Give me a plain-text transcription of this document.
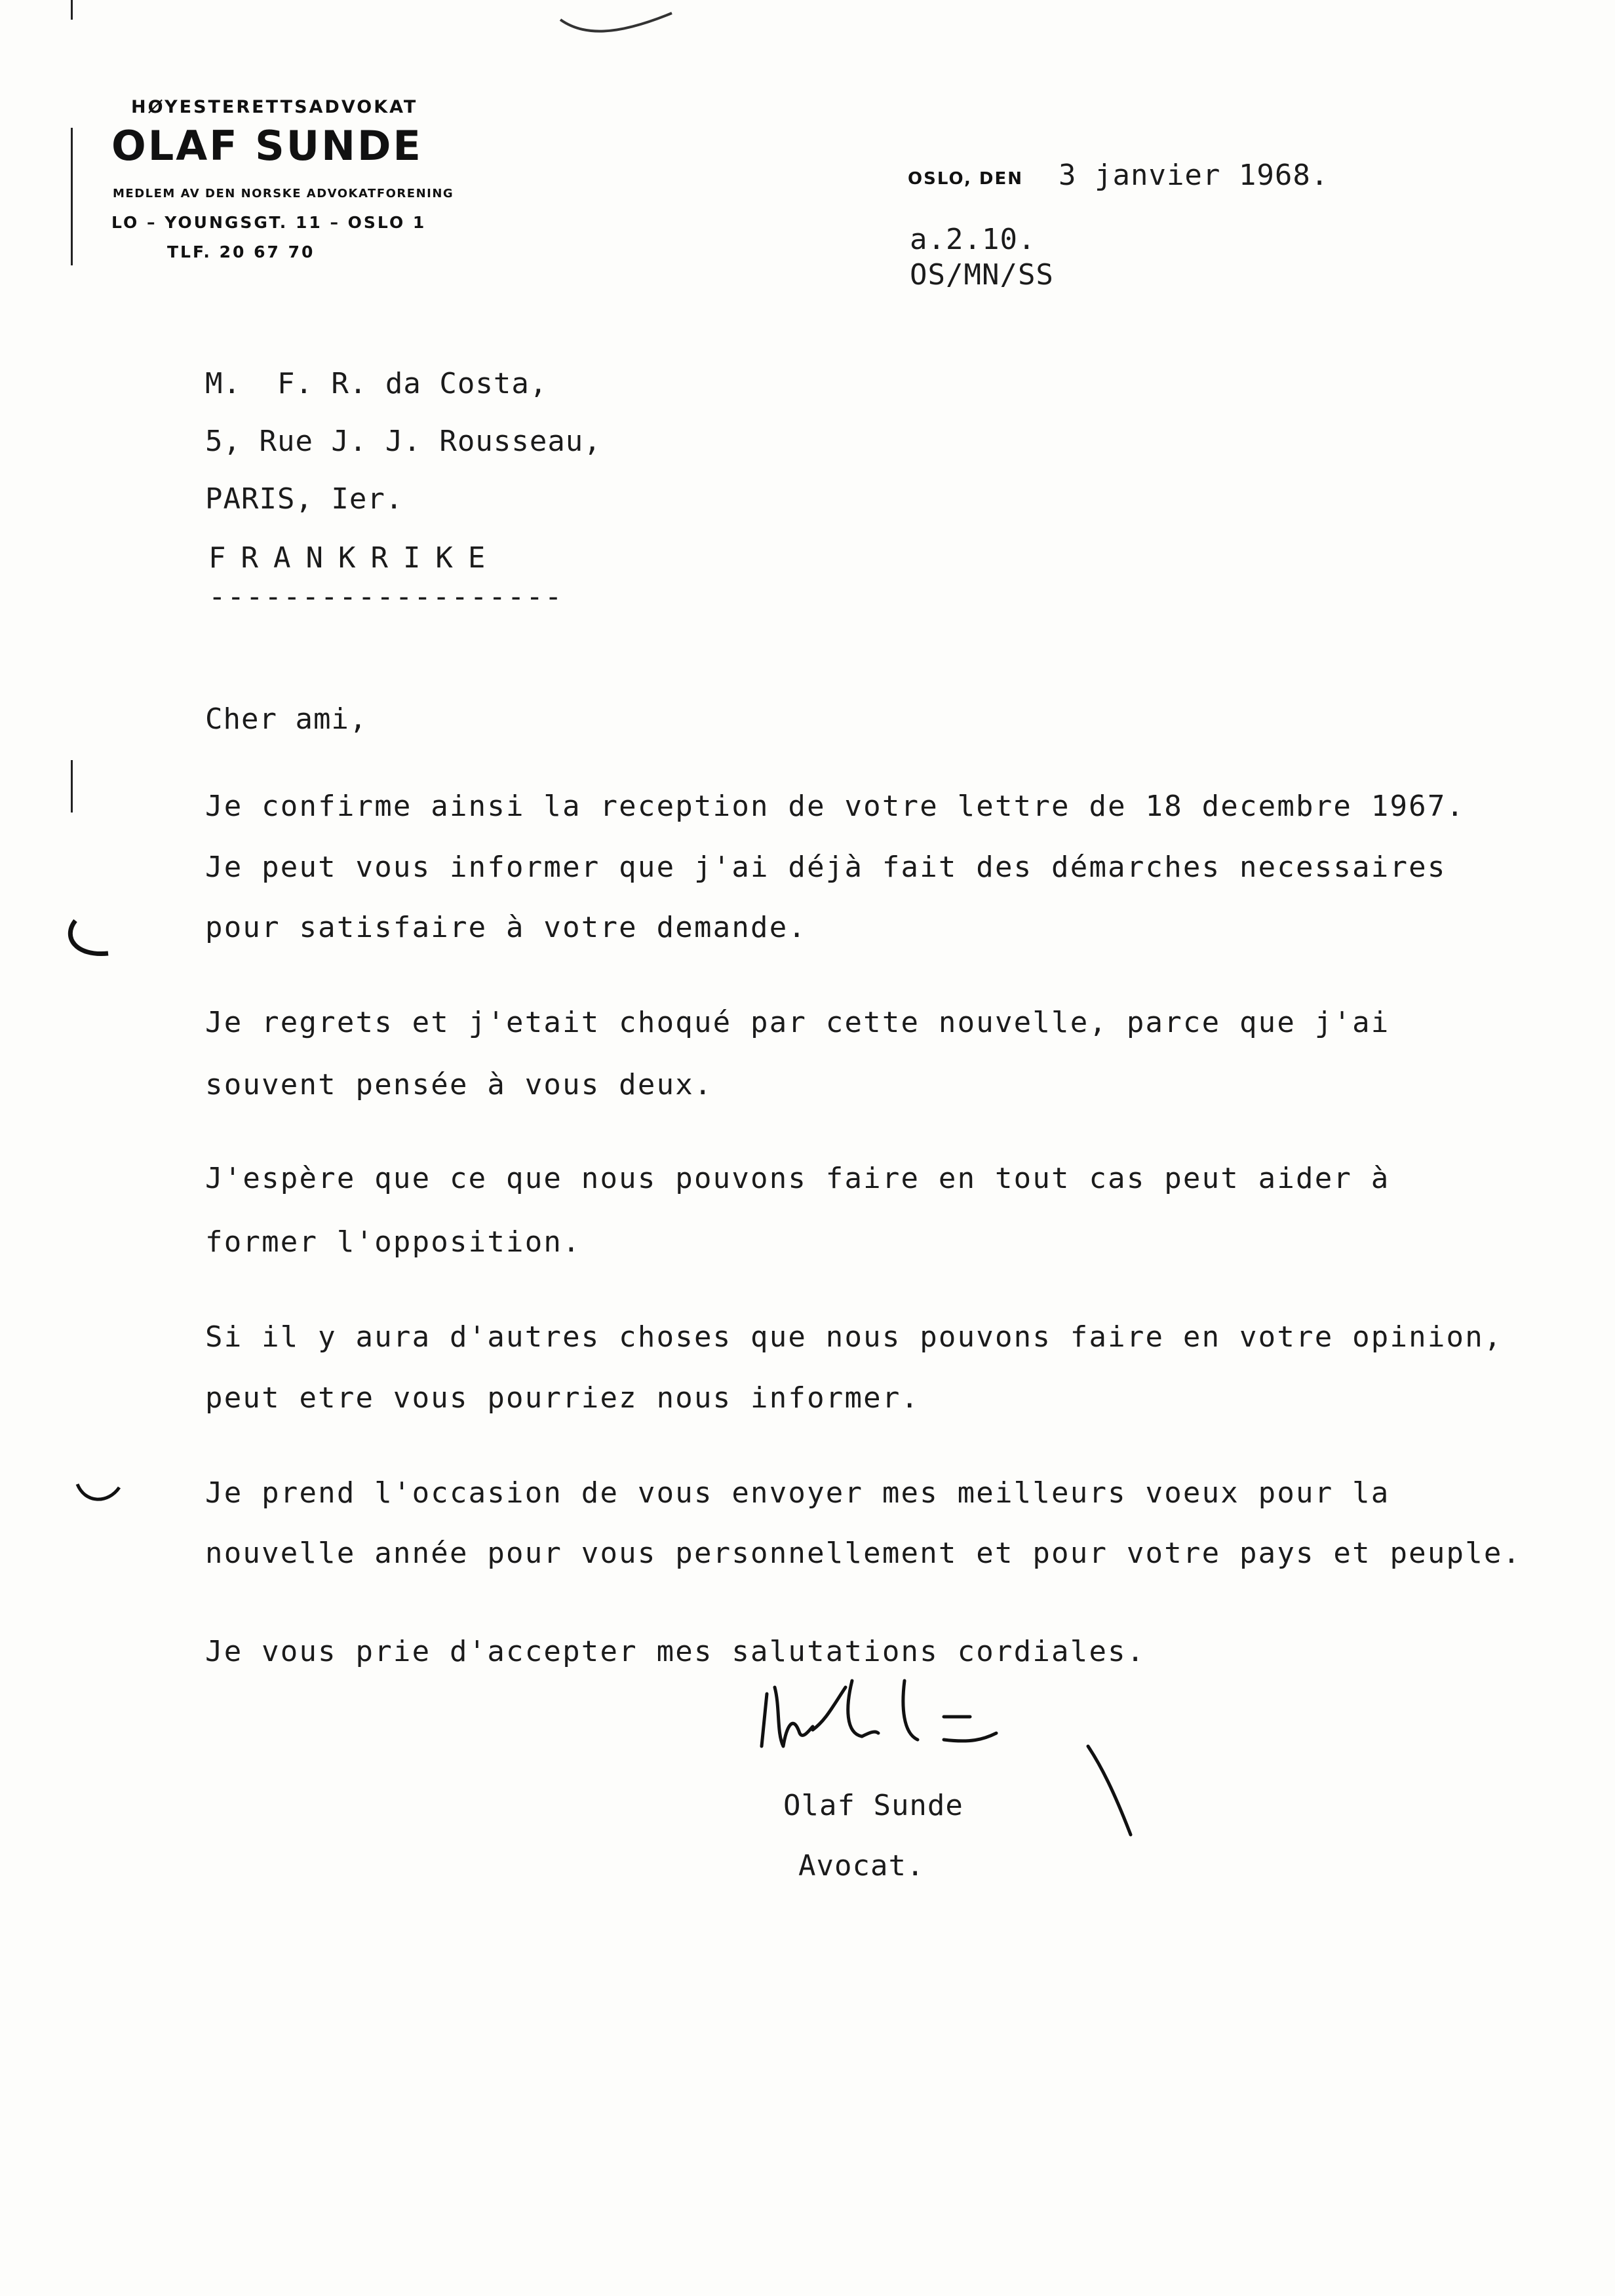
HØYESTERETTSADVOKAT
OLAF SUNDE
MEDLEM AV DEN NORSKE ADVOKATFORENING
LO – YOUNGSGT. 11 – OSLO 1
TLF. 20 67 70
OSLO, DEN 3 janvier 1968.
a.2.10.
OS/MN/SS
M.  F. R. da Costa,
5, Rue J. J. Rousseau,
PARIS, Ier.
FRANKRIKE
-------------------
Cher ami,
Je confirme ainsi la reception de votre lettre de 18 decembre 1967.
Je peut vous informer que j'ai déjà fait des démarches necessaires
pour satisfaire à votre demande.
Je regrets et j'etait choqué par cette nouvelle, parce que j'ai
souvent pensée à vous deux.
J'espère que ce que nous pouvons faire en tout cas peut aider à
former l'opposition.
Si il y aura d'autres choses que nous pouvons faire en votre opinion,
peut etre vous pourriez nous informer.
Je prend l'occasion de vous envoyer mes meilleurs voeux pour la
nouvelle année pour vous personnellement et pour votre pays et peuple.
Je vous prie d'accepter mes salutations cordiales.
Olaf Sunde
Avocat.
